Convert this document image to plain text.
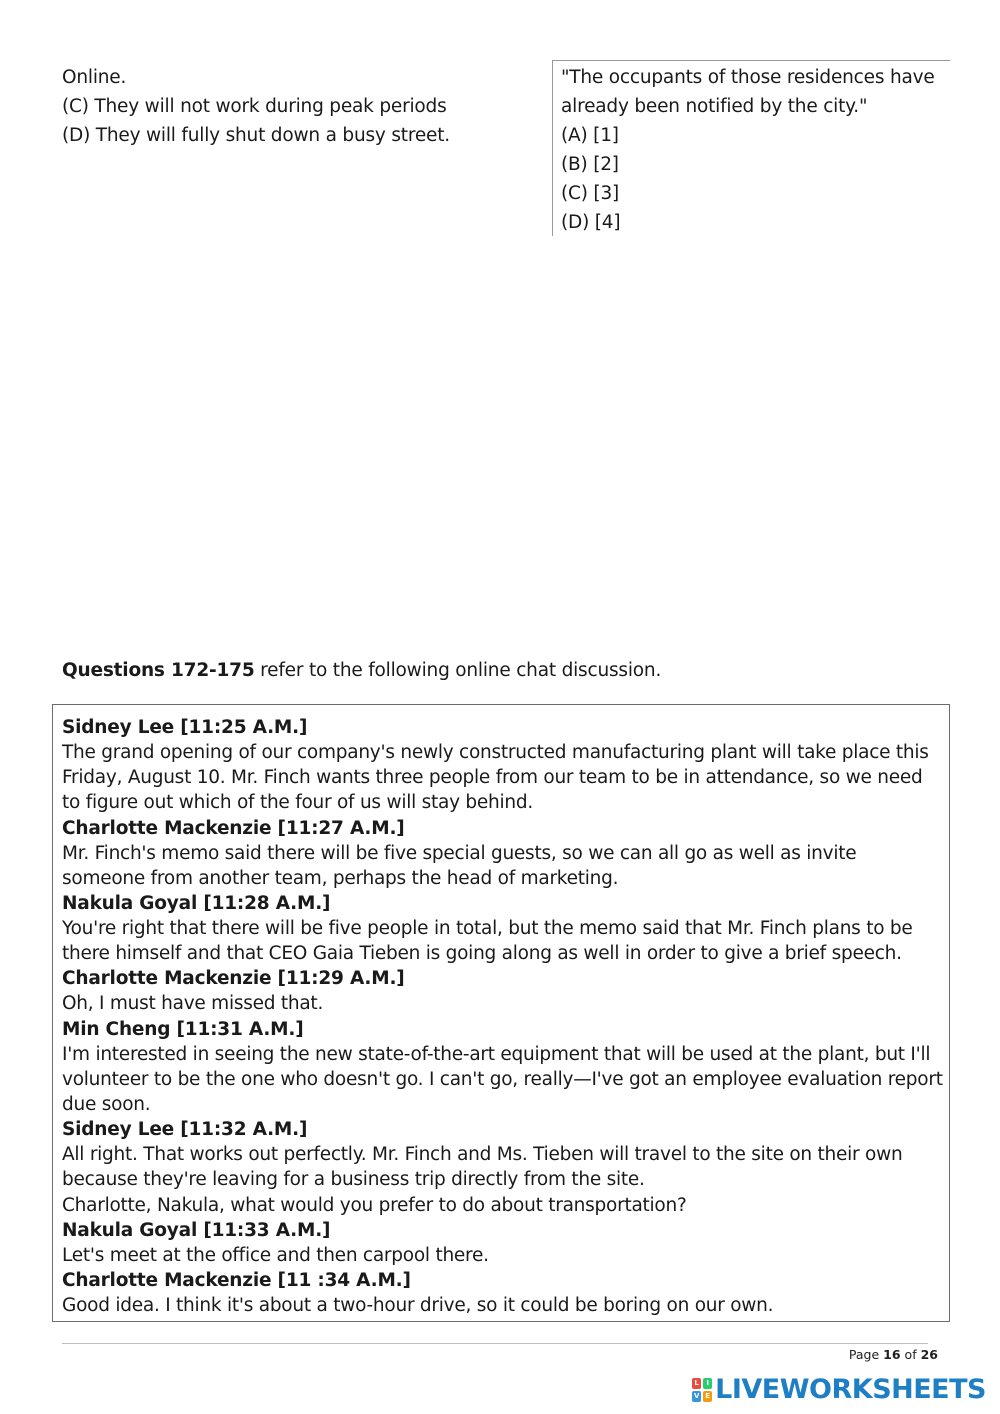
Online.
(C) They will not work during peak periods
(D) They will fully shut down a busy street.
"The occupants of those residences have
already been notified by the city."
(A) [1]
(B) [2]
(C) [3]
(D) [4]
Questions 172-175 refer to the following online chat discussion.
Sidney Lee [11:25 A.M.]
The grand opening of our company's newly constructed manufacturing plant will take place this Friday, August 10. Mr. Finch wants three people from our team to be in attendance, so we need to figure out which of the four of us will stay behind.
Charlotte Mackenzie [11:27 A.M.]
Mr. Finch's memo said there will be five special guests, so we can all go as well as invite someone from another team, perhaps the head of marketing.
Nakula Goyal [11:28 A.M.]
You're right that there will be five people in total, but the memo said that Mr. Finch plans to be there himself and that CEO Gaia Tieben is going along as well in order to give a brief speech.
Charlotte Mackenzie [11:29 A.M.]
Oh, I must have missed that.
Min Cheng [11:31 A.M.]
I'm interested in seeing the new state-of-the-art equipment that will be used at the plant, but I'll volunteer to be the one who doesn't go. I can't go, really—I've got an employee evaluation report due soon.
Sidney Lee [11:32 A.M.]
All right. That works out perfectly. Mr. Finch and Ms. Tieben will travel to the site on their own because they're leaving for a business trip directly from the site.
Charlotte, Nakula, what would you prefer to do about transportation?
Nakula Goyal [11:33 A.M.]
Let's meet at the office and then carpool there.
Charlotte Mackenzie [11 :34 A.M.]
Good idea. I think it's about a two-hour drive, so it could be boring on our own.
Page 16 of 26
L	I
V E LIVEWORKSHEETS
